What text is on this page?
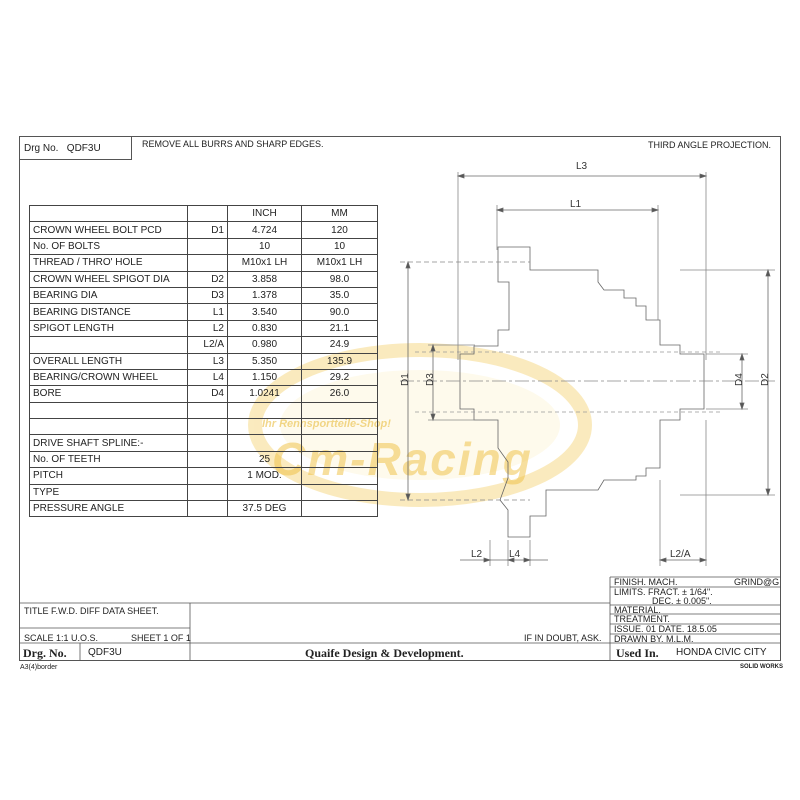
Drg No. QDF3U	REMOVE ALL BURRS AND SHARP EDGES.	THIRD ANGLE PROJECTION.
Ihr Rennsportteile-Shop!
Cm-Racing
		INCH	MM
CROWN WHEEL BOLT PCD	D1	4.724	120
No. OF BOLTS		10	10
THREAD / THRO' HOLE		M10x1 LH	M10x1 LH
CROWN WHEEL SPIGOT DIA	D2	3.858	98.0
BEARING DIA	D3	1.378	35.0
BEARING DISTANCE	L1	3.540	90.0
SPIGOT LENGTH	L2	0.830	21.1
	L2/A	0.980	24.9
OVERALL LENGTH	L3	5.350	135.9
BEARING/CROWN WHEEL	L4	1.150	29.2
BORE	D4	1.0241	26.0

DRIVE SHAFT SPLINE:-			
No. OF TEETH		25	
PITCH		1 MOD.	
TYPE			
PRESSURE ANGLE		37.5 DEG	
L3
L1
D1 D3	D4 D2
L2	L4	L2/A
FINISH. MACH.	GRIND@G
LIMITS. FRACT. ± 1/64".
DEC. ± 0.005".
MATERIAL.
TREATMENT.
ISSUE. 01 DATE. 18.5.05
DRAWN BY. M.L.M.
Used In. HONDA CIVIC CITY
TITLE F.W.D. DIFF DATA SHEET.
SCALE 1:1 U.O.S.	SHEET 1 OF 1
Drg. No. QDF3U	Quaife Design & Development.
IF IN DOUBT, ASK.
A3(4)border	SOLID WORKS
